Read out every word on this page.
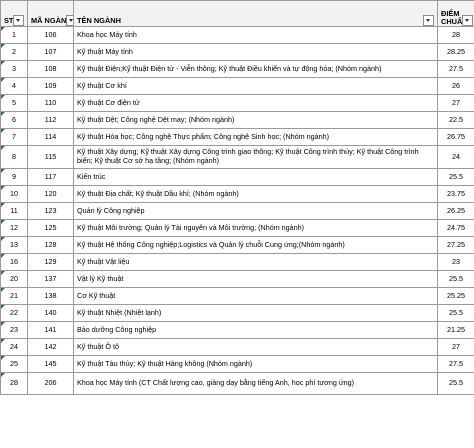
ST	MÃ NGÀN	TÊN NGÀNH	ĐIỂM CHUẨ

1	106	Khoa học Máy tính	28

2	107	Kỹ thuật Máy tính	28.25

3	108	Kỹ thuật Điện;Kỹ thuật Điện tử - Viễn thông; Kỹ thuật Điều khiển và tự động hóa; (Nhóm ngành)	27.5

4	109	Kỹ thuật Cơ khí	26

5	110	Kỹ thuật Cơ điện tử	27

6	112	Kỹ thuật Dệt; Công nghệ Dệt may; (Nhóm ngành)	22.5

7	114	Kỹ thuật Hóa học; Công nghệ Thực phẩm; Công nghệ Sinh học; (Nhóm ngành)	26.75

8	115	Kỹ thuật Xây dựng; Kỹ thuật Xây dựng Công trình giao thông; Kỹ thuật Công trình thủy; Kỹ thuật Công trình biển; Kỹ thuật Cơ sở hạ tầng; (Nhóm ngành)	24

9	117	Kiến trúc	25.5

10	120	Kỹ thuật Địa chất; Kỹ thuật Dầu khí; (Nhóm ngành)	23.75

11	123	Quản lý Công nghiệp	26.25

12	125	Kỹ thuật Môi trường; Quản lý Tài nguyên và Môi trường; (Nhóm ngành)	24.75

13	128	Kỹ thuật Hệ thống Công nghiệp;Logistics và Quản lý chuỗi Cung ứng;(Nhóm ngành)	27.25

16	129	Kỹ thuật Vật liệu	23

20	137	Vật lý Kỹ thuật	25.5

21	138	Cơ Kỹ thuật	25.25

22	140	Kỹ thuật Nhiệt (Nhiệt lạnh)	25.5

23	141	Bảo dưỡng Công nghiệp	21.25

24	142	Kỹ thuật Ô tô	27

25	145	Kỹ thuật Tàu thủy; Kỹ thuật Hàng không (Nhóm ngành)	27.5

28	206	Khoa học Máy tính (CT Chất lượng cao, giảng dạy bằng tiếng Anh, học phí tương ứng)	25.5
